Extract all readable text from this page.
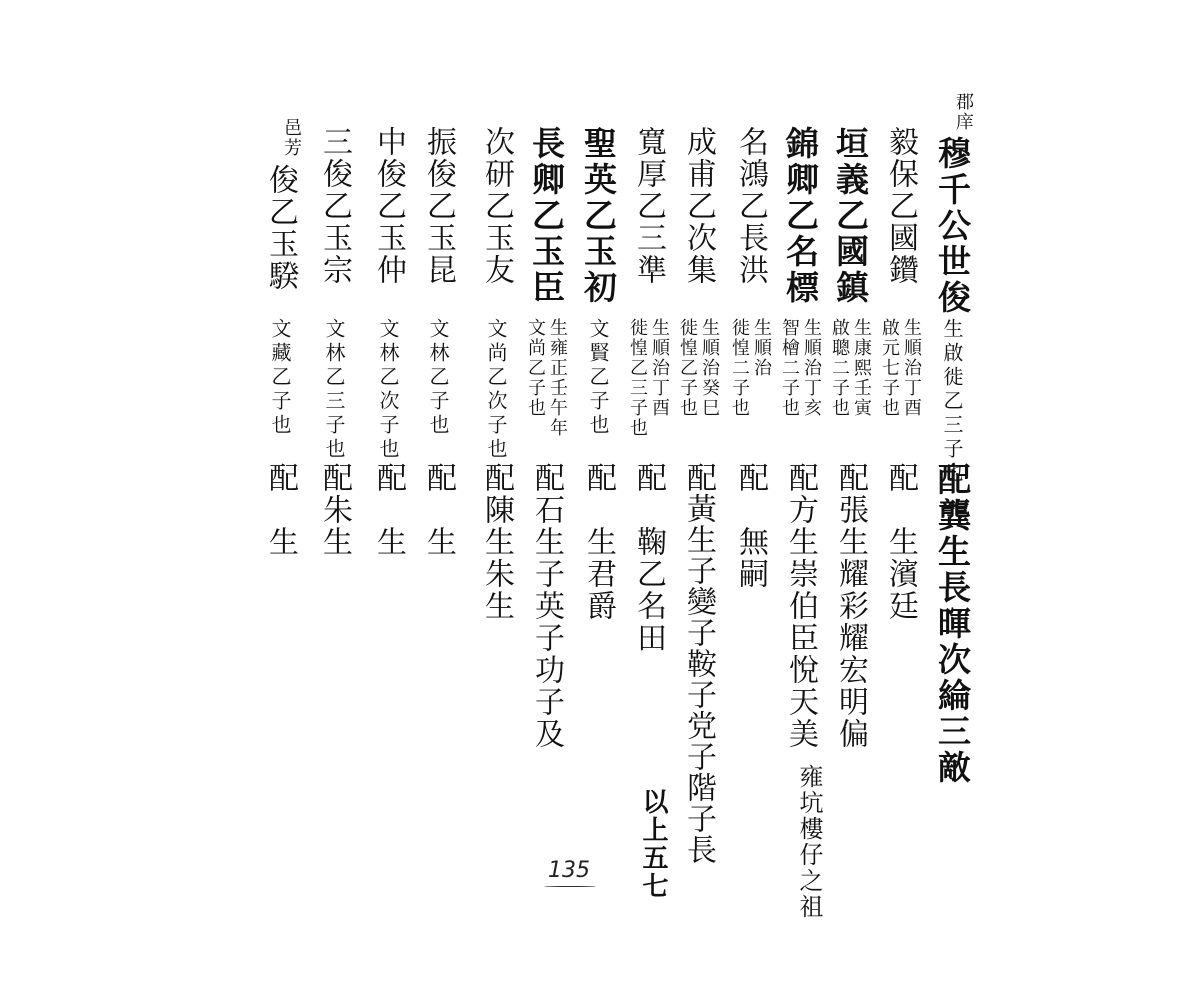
郡庠
穆千公世俊
生啟徙乙三子也
配龔生長暉次綸三敵
毅保乙國鑽
生順治丁酉
啟元七子也
配　生濱廷
垣義乙國鎮
生康熙壬寅
啟聰二子也
配張生耀彩耀宏明偏
錦卿乙名標
生順治丁亥
智檜二子也
配方生崇伯臣悅天美
雍坑樓仔之祖
名鴻乙長洪
生順治
徙惶二子也
配　無嗣
成甫乙次集
生順治癸巳
徙惶乙子也
配黃生子變子鞍子党子階子長
寬厚乙三準
生順治丁酉
徙惶乙三子也
配　鞠乙名田
以上五七
聖英乙玉初
文賢乙子也
配　生君爵
長卿乙玉臣
生雍正壬午年
文尚乙子也
配石生子英子功子及
次研乙玉友
文尚乙次子也
配陳生朱生
振俊乙玉昆
文林乙子也
配　生
中俊乙玉仲
文林乙次子也
配　生
三俊乙玉宗
文林乙三子也
配朱生
邑芳
俊乙玉騤
文藏乙子也
配　生
135
